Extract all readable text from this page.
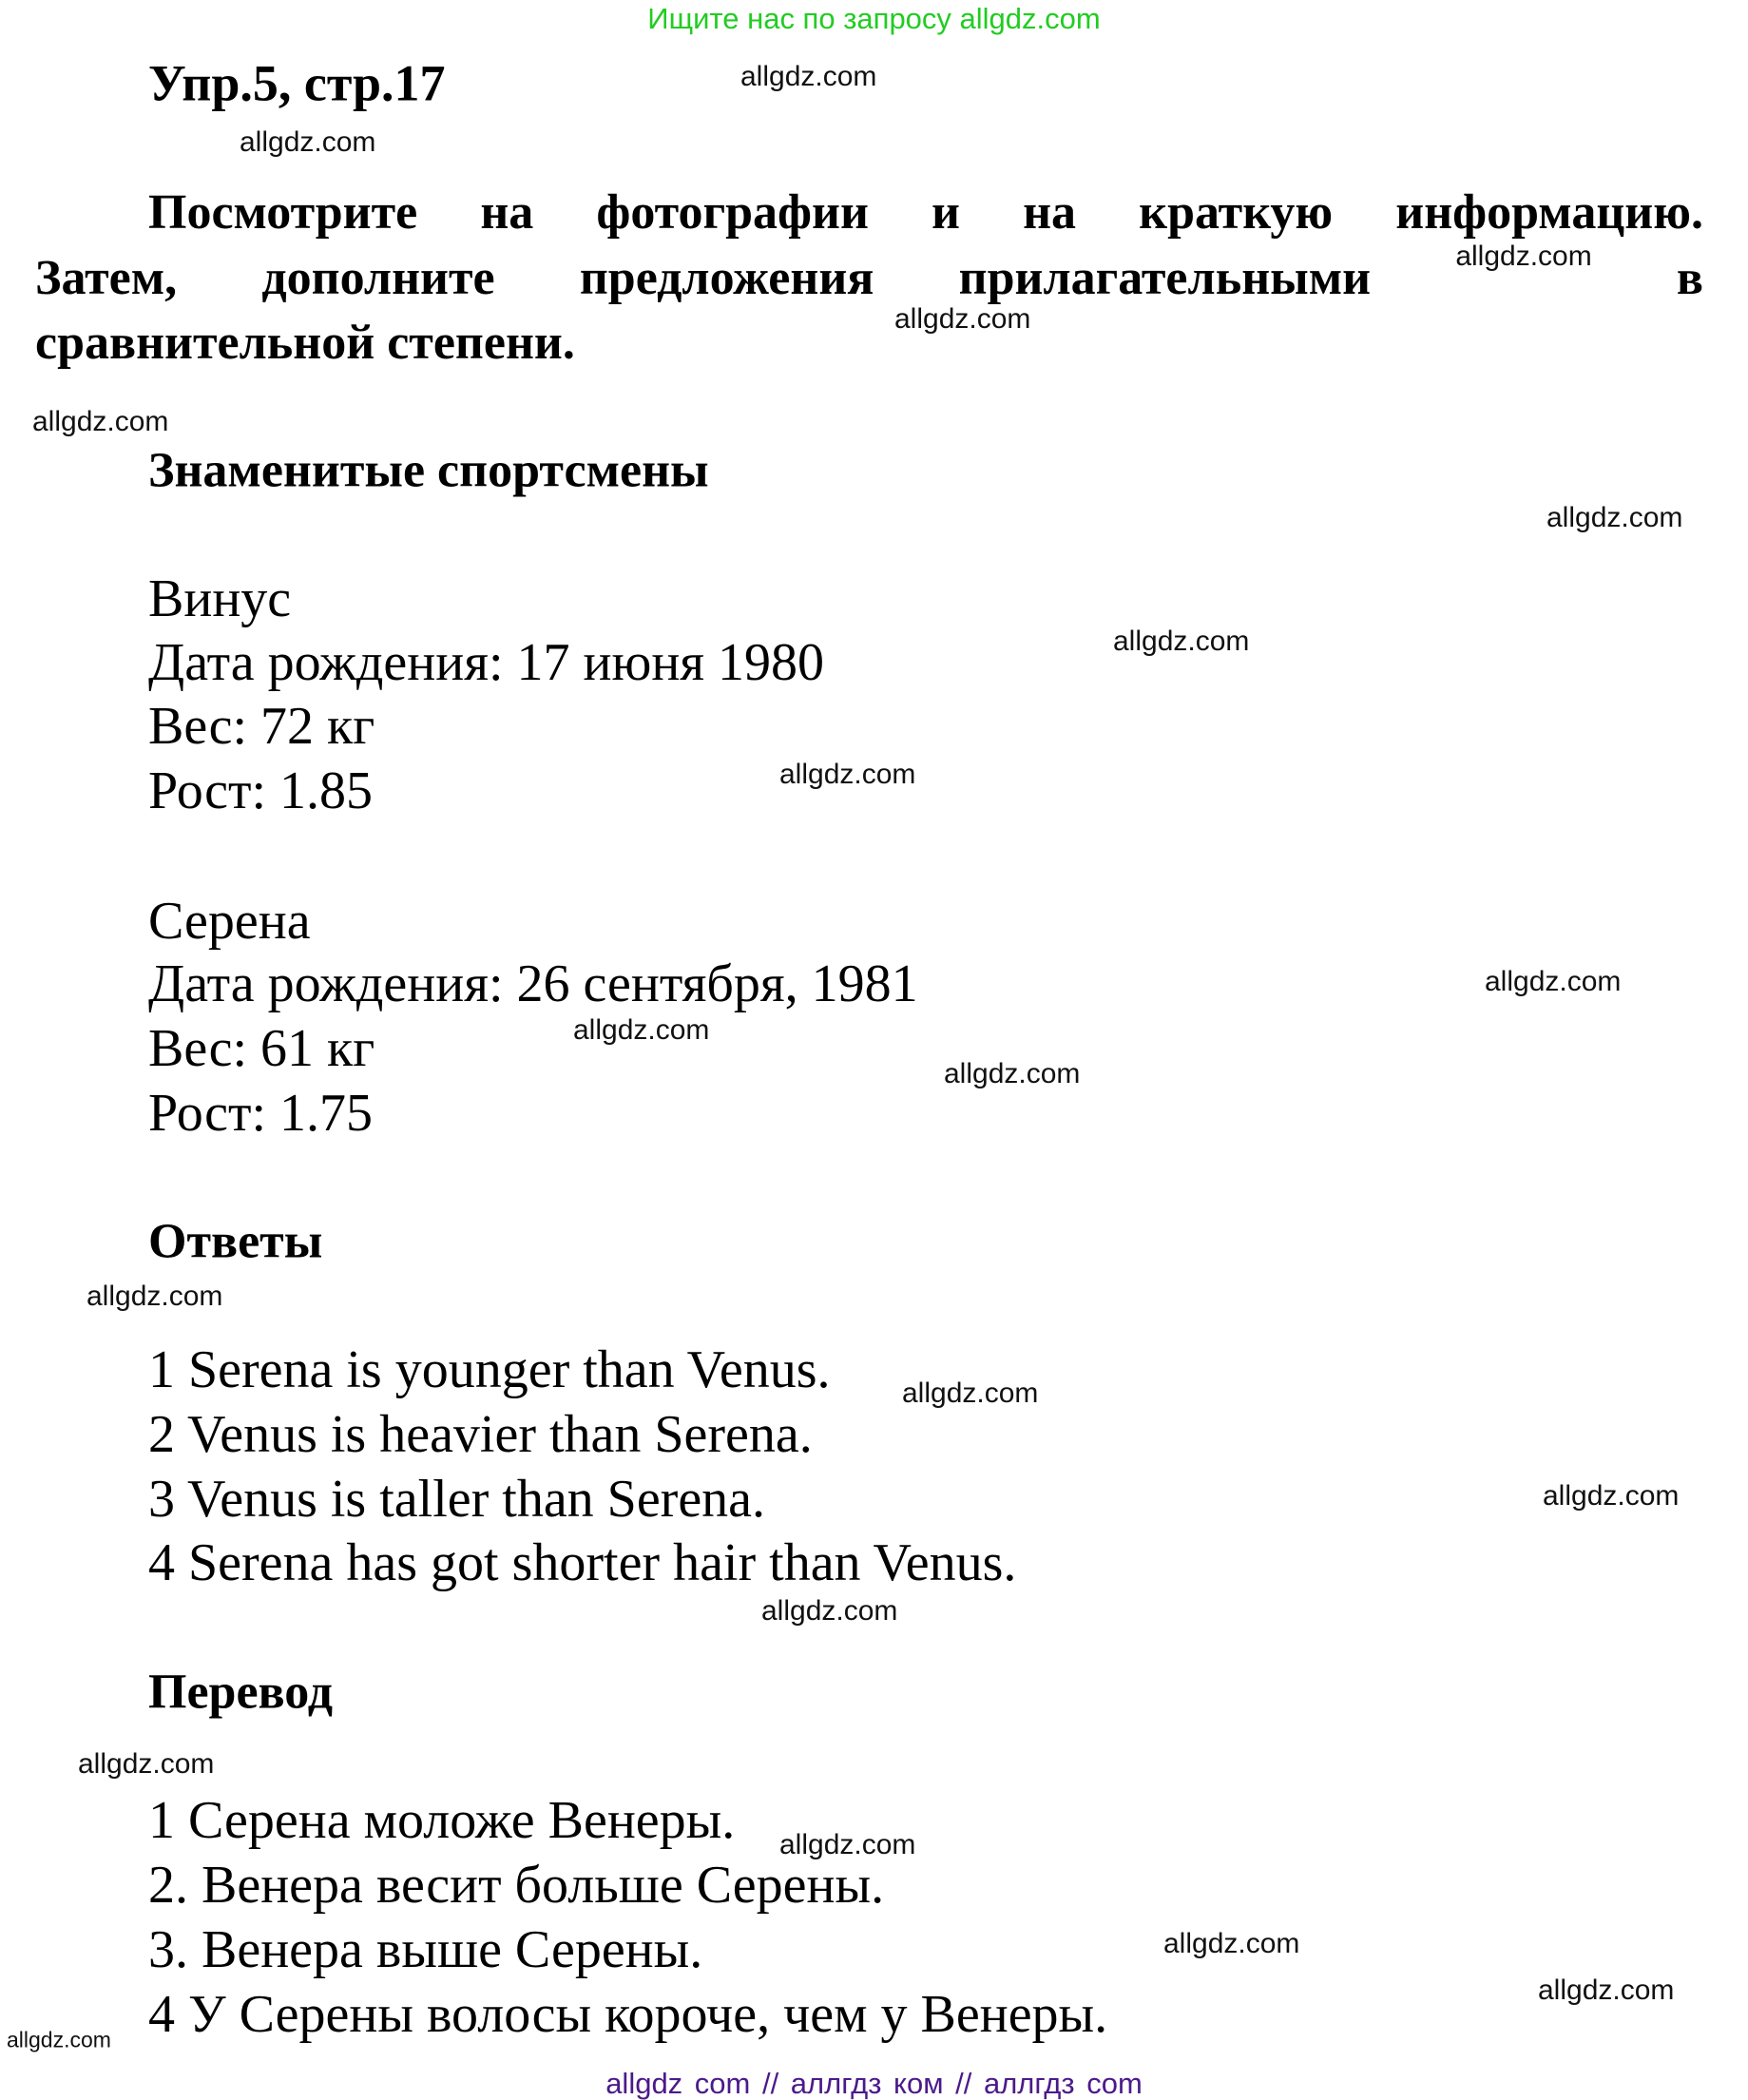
Ищите нас по запросу allgdz.com
Упр.5, стр.17
Посмотрите на фотографии и на краткую информацию.
Затем, дополните предложения прилагательными	allgdz.com в
сравнительной степени.
Знаменитые спортсмены
Винус
Дата рождения: 17 июня 1980
Вес: 72 кг
Рост: 1.85
Серена
Дата рождения: 26 сентября, 1981
Вес: 61 кг
Рост: 1.75
Ответы
1 Serena is younger than Venus.
2 Venus is heavier than Serena.
3 Venus is taller than Serena.
4 Serena has got shorter hair than Venus.
Перевод
1 Серена моложе Венеры.
2. Венера весит больше Серены.
3. Венера выше Серены.
4 У Серены волосы короче, чем у Венеры.
allgdz.com
allgdz.com
allgdz.com
allgdz.com
allgdz.com
allgdz.com
allgdz.com
allgdz.com
allgdz.com
allgdz.com
allgdz.com
allgdz.com
allgdz.com
allgdz.com
allgdz.com
allgdz.com
allgdz.com
allgdz.com
allgdz.com
allgdz com // аллгдз ком // аллгдз com
